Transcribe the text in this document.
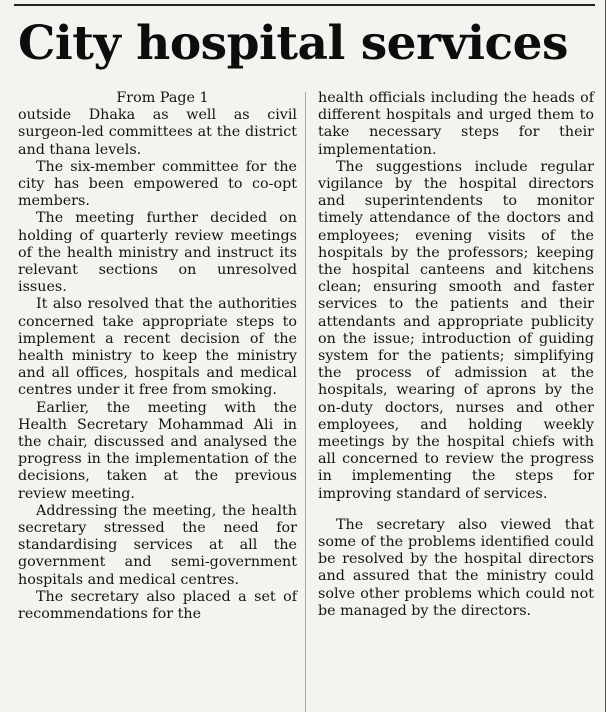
City hospital services

From Page 1

outside Dhaka as well as civil surgeon-led committees at the district and thana levels.

The six-member committee for the city has been empowered to co-opt members.

The meeting further decided on holding of quarterly review meetings of the health ministry and instruct its relevant sections on unresolved issues.

It also resolved that the authorities concerned take appropriate steps to implement a recent decision of the health ministry to keep the ministry and all offices, hospitals and medical centres under it free from smoking.

Earlier, the meeting with the Health Secretary Mohammad Ali in the chair, discussed and analysed the progress in the implementation of the decisions, taken at the previous review meeting.

Addressing the meeting, the health secretary stressed the need for standardising services at all the government and semi-government hospitals and medical centres.

The secretary also placed a set of recommendations for the

health officials including the heads of different hospitals and urged them to take necessary steps for their implementation.

The suggestions include regular vigilance by the hospital directors and superintendents to monitor timely attendance of the doctors and employees; evening visits of the hospitals by the professors; keeping the hospital canteens and kitchens clean; ensuring smooth and faster services to the patients and their attendants and appropriate publicity on the issue; introduction of guiding system for the patients; simplifying the process of admission at the hospitals, wearing of aprons by the on-duty doctors, nurses and other employees, and holding weekly meetings by the hospital chiefs with all concerned to review the progress in implementing the steps for improving standard of services.

The secretary also viewed that some of the problems identified could be resolved by the hospital directors and assured that the ministry could solve other problems which could not be managed by the directors.
